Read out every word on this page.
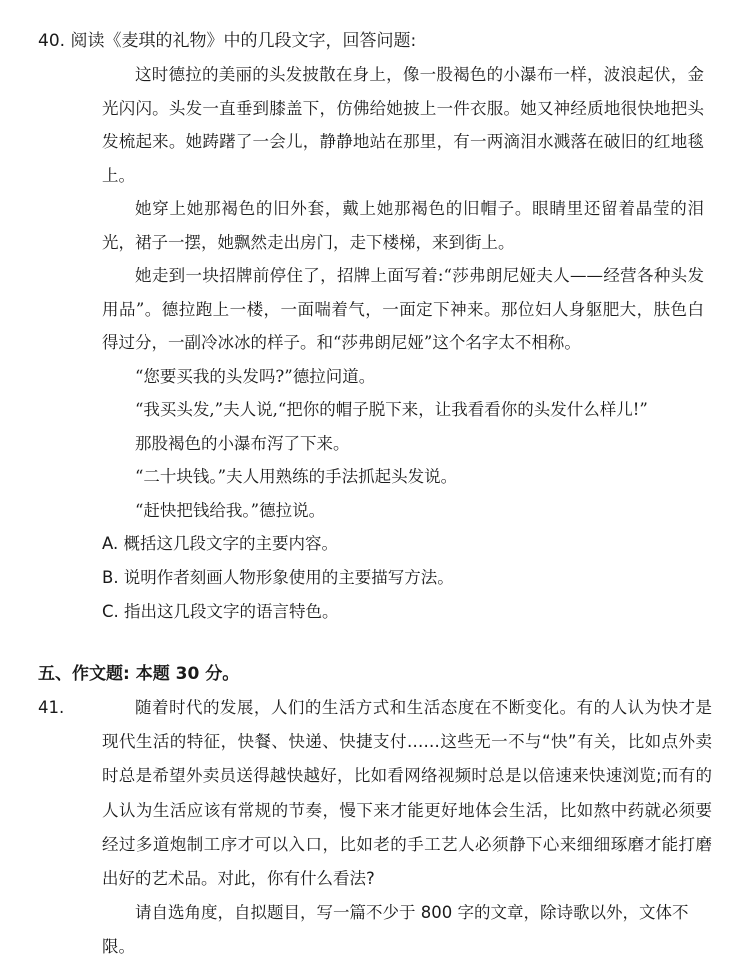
40. 阅读《麦琪的礼物》中的几段文字，回答问题:

这时德拉的美丽的头发披散在身上，像一股褐色的小瀑布一样，波浪起伏，金光闪闪。头发一直垂到膝盖下，仿佛给她披上一件衣服。她又神经质地很快地把头发梳起来。她踌躇了一会儿，静静地站在那里，有一两滴泪水溅落在破旧的红地毯上。

她穿上她那褐色的旧外套，戴上她那褐色的旧帽子。眼睛里还留着晶莹的泪光，裙子一摆，她飘然走出房门，走下楼梯，来到街上。

她走到一块招牌前停住了，招牌上面写着:“莎弗朗尼娅夫人——经营各种头发用品”。德拉跑上一楼，一面喘着气，一面定下神来。那位妇人身躯肥大，肤色白得过分，一副冷冰冰的样子。和“莎弗朗尼娅”这个名字太不相称。

“您要买我的头发吗?”德拉问道。

“我买头发,”夫人说,“把你的帽子脱下来，让我看看你的头发什么样儿!”

那股褐色的小瀑布泻了下来。

“二十块钱。”夫人用熟练的手法抓起头发说。

“赶快把钱给我。”德拉说。

A. 概括这几段文字的主要内容。
B. 说明作者刻画人物形象使用的主要描写方法。
C. 指出这几段文字的语言特色。
五、作文题: 本题 30 分。
41.	随着时代的发展，人们的生活方式和生活态度在不断变化。有的人认为快才是现代生活的特征，快餐、快递、快捷支付……这些无一不与“快”有关，比如点外卖时总是希望外卖员送得越快越好，比如看网络视频时总是以倍速来快速浏览;而有的人认为生活应该有常规的节奏，慢下来才能更好地体会生活，比如熬中药就必须要经过多道炮制工序才可以入口，比如老的手工艺人必须静下心来细细琢磨才能打磨出好的艺术品。对此，你有什么看法?

请自选角度，自拟题目，写一篇不少于 800 字的文章，除诗歌以外，文体不限。
